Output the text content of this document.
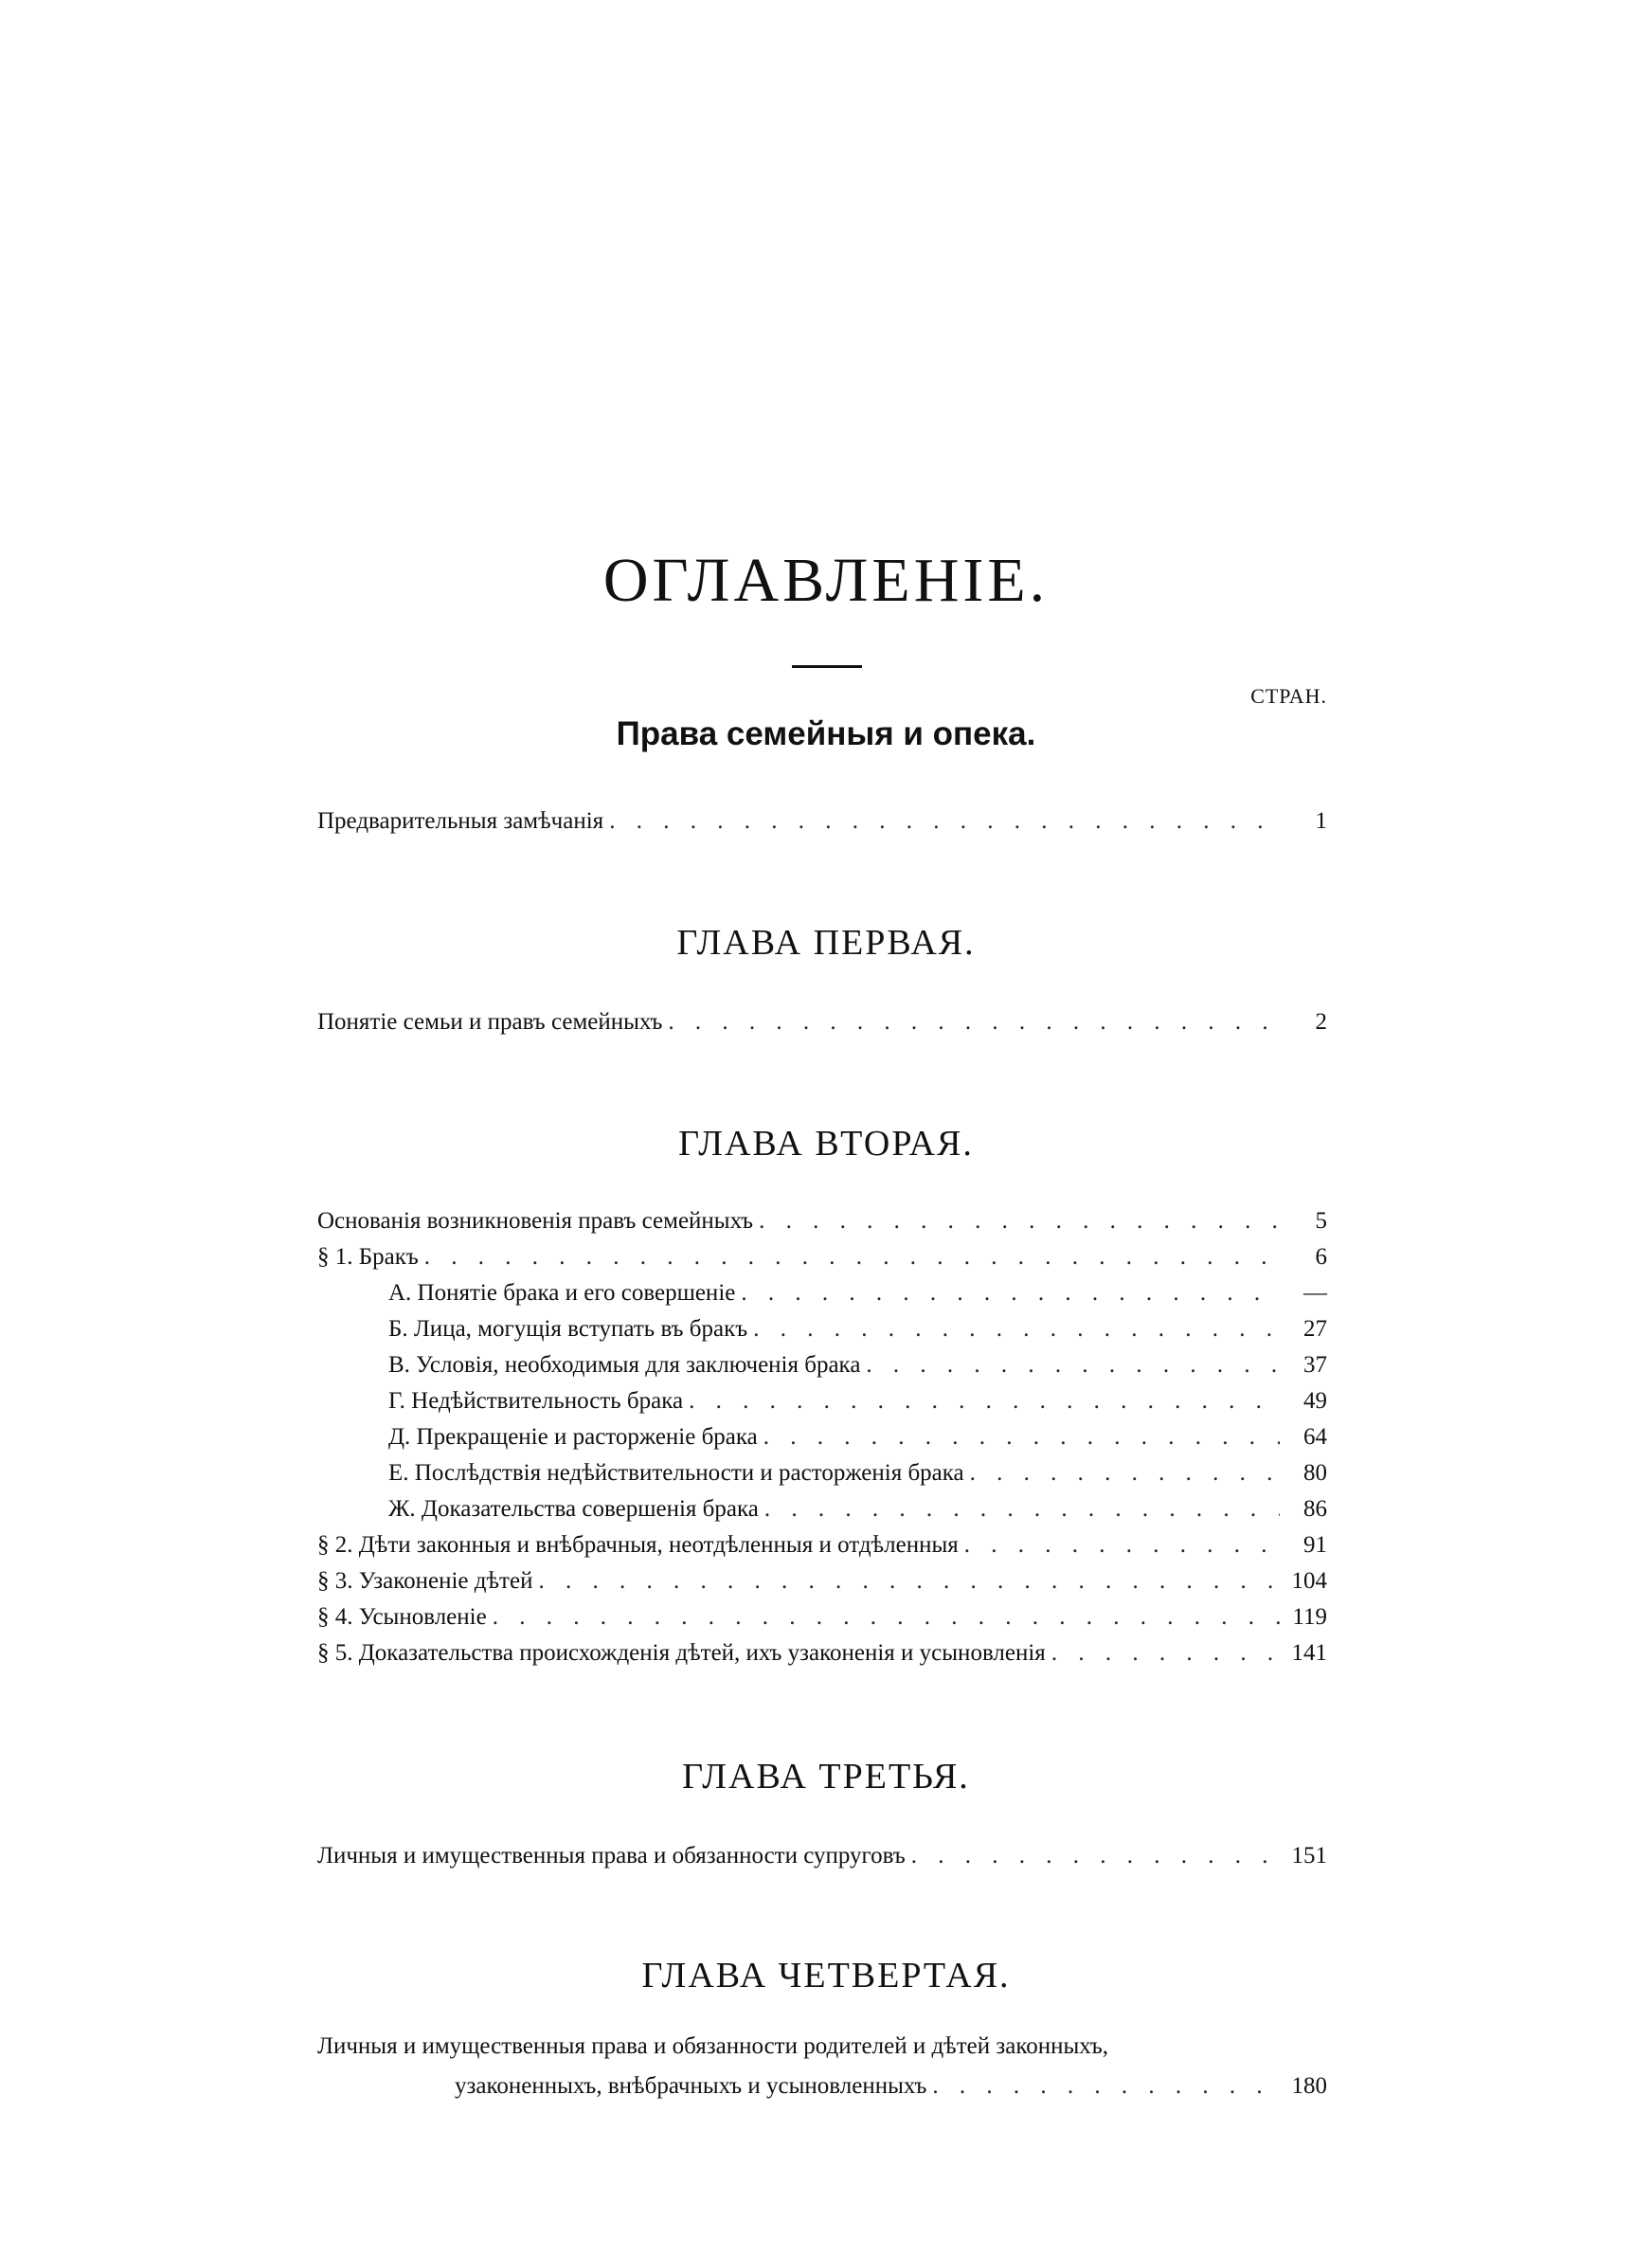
ОГЛАВЛЕНІЕ.
СТРАН.
Права семейныя и опека.
Предварительныя замѣчанія . . .	1
ГЛАВА ПЕРВАЯ.
Понятіе семьи и правъ семейныхъ . . .	2
ГЛАВА ВТОРАЯ.
Основанія возникновенія правъ семейныхъ . . .	5
§ 1. Бракъ . . .	6
А. Понятіе брака и его совершеніе . . .	—
Б. Лица, могущія вступать въ бракъ . . .	27
В. Условія, необходимыя для заключенія брака . . .	37
Г. Недѣйствительность брака . . .	49
Д. Прекращеніе и расторженіе брака . . .	64
Е. Послѣдствія недѣйствительности и расторженія брака . . .	80
Ж. Доказательства совершенія брака . . .	86
§ 2. Дѣти законныя и внѣбрачныя, неотдѣленныя и отдѣленныя . . .	91
§ 3. Узаконеніе дѣтей . . .	104
§ 4. Усыновленіе . . .	119
§ 5. Доказательства происхожденія дѣтей, ихъ узаконенія и усыновленія . . .	141
ГЛАВА ТРЕТЬЯ.
Личныя и имущественныя права и обязанности супруговъ . . .	151
ГЛАВА ЧЕТВЕРТАЯ.
Личныя и имущественныя права и обязанности родителей и дѣтей законныхъ,
узаконенныхъ, внѣбрачныхъ и усыновленныхъ . . .	180
